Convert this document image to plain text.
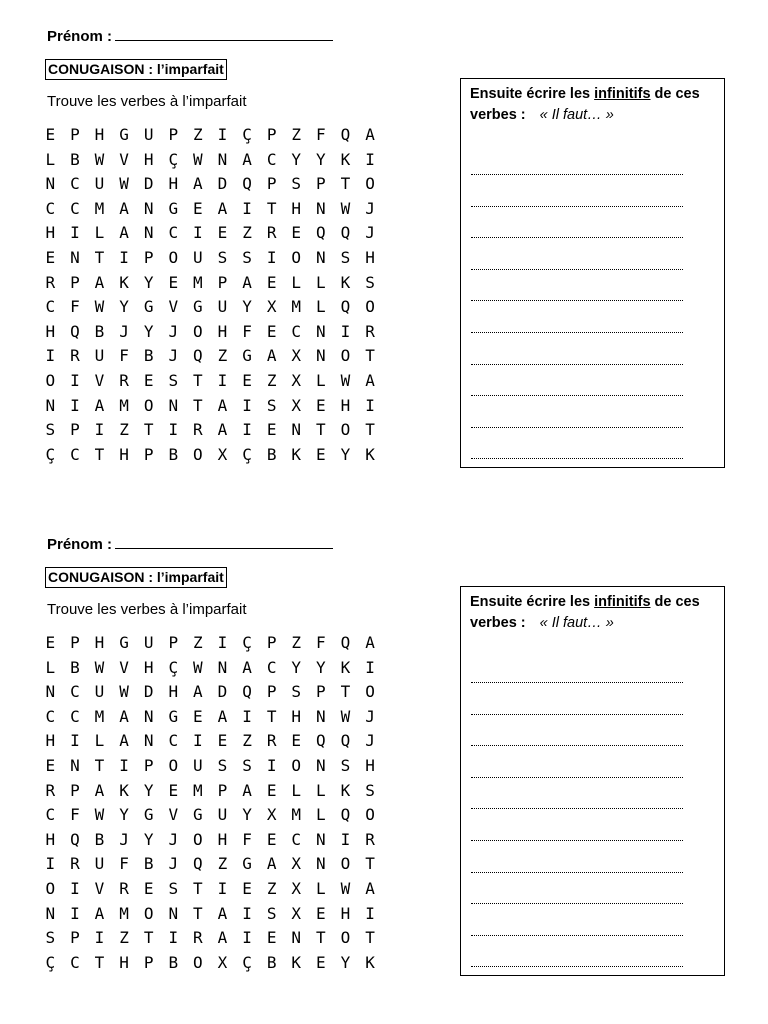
Prénom :
CONUGAISON : l’imparfait
Trouve les verbes à l’imparfait
E P H G U P Z I Ç P Z F Q A
L B W V H Ç W N A C Y Y K I
N C U W D H A D Q P S P T O
C C M A N G E A I T H N W J
H I L A N C I E Z R E Q Q J
E N T I P O U S S I O N S H
R P A K Y E M P A E L L K S
C F W Y G V G U Y X M L Q O
H Q B J Y J O H F E C N I R
I R U F B J Q Z G A X N O T
O I V R E S T I E Z X L W A
N I A M O N T A I S X E H I
S P I Z T I R A I E N T O T
Ç C T H P B O X Ç B K E Y K
Ensuite écrire les infinitifs de ces verbes : « Il faut… »
Prénom :
CONUGAISON : l’imparfait
Trouve les verbes à l’imparfait
E P H G U P Z I Ç P Z F Q A
L B W V H Ç W N A C Y Y K I
N C U W D H A D Q P S P T O
C C M A N G E A I T H N W J
H I L A N C I E Z R E Q Q J
E N T I P O U S S I O N S H
R P A K Y E M P A E L L K S
C F W Y G V G U Y X M L Q O
H Q B J Y J O H F E C N I R
I R U F B J Q Z G A X N O T
O I V R E S T I E Z X L W A
N I A M O N T A I S X E H I
S P I Z T I R A I E N T O T
Ç C T H P B O X Ç B K E Y K
Ensuite écrire les infinitifs de ces verbes : « Il faut… »
